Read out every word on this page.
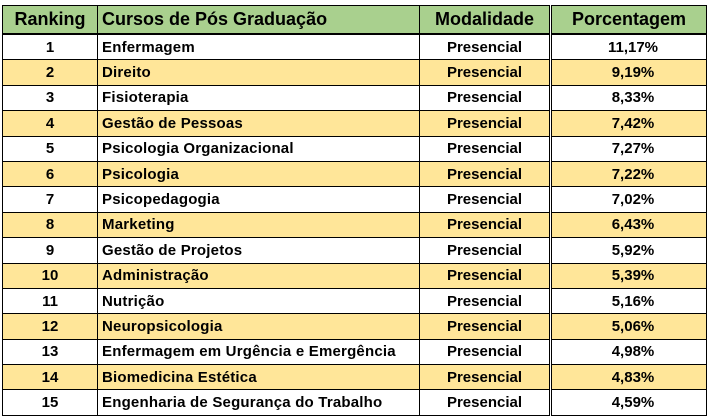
Ranking	Cursos de Pós Graduação	Modalidade	Porcentagem
1	Enfermagem	Presencial	11,17%
2	Direito	Presencial	9,19%
3	Fisioterapia	Presencial	8,33%
4	Gestão de Pessoas	Presencial	7,42%
5	Psicologia Organizacional	Presencial	7,27%
6	Psicologia	Presencial	7,22%
7	Psicopedagogia	Presencial	7,02%
8	Marketing	Presencial	6,43%
9	Gestão de Projetos	Presencial	5,92%
10	Administração	Presencial	5,39%
11	Nutrição	Presencial	5,16%
12	Neuropsicologia	Presencial	5,06%
13	Enfermagem em Urgência e Emergência	Presencial	4,98%
14	Biomedicina Estética	Presencial	4,83%
15	Engenharia de Segurança do Trabalho	Presencial	4,59%
